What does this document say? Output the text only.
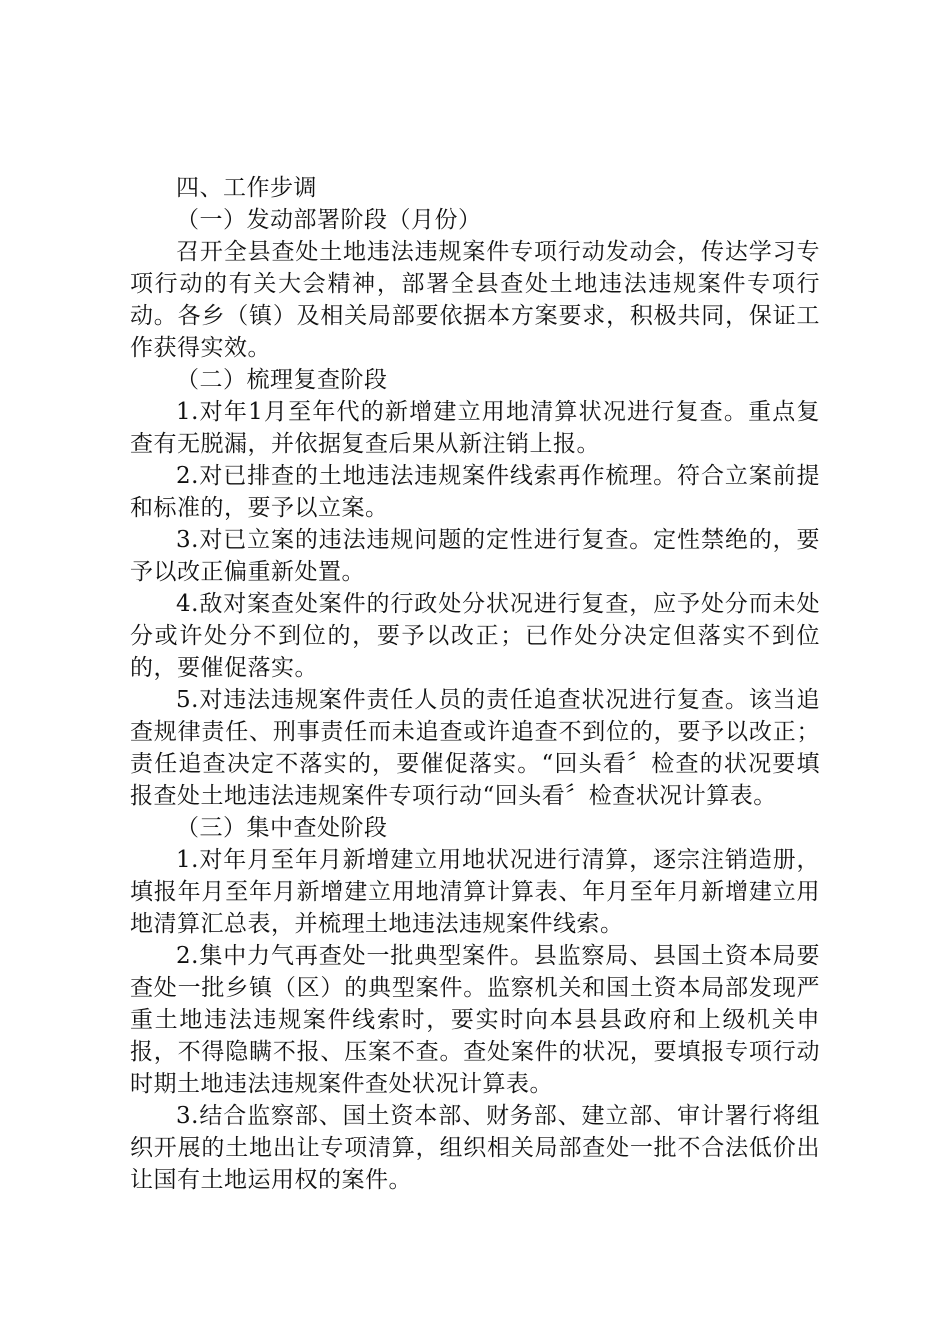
四、工作步调

（一）发动部署阶段（月份）

召开全县查处土地违法违规案件专项行动发动会，传达学习专项行动的有关大会精神，部署全县查处土地违法违规案件专项行动。各乡（镇）及相关局部要依据本方案要求，积极共同，保证工作获得实效。

（二）梳理复查阶段

1.对年1月至年代的新增建立用地清算状况进行复查。重点复查有无脱漏，并依据复查后果从新注销上报。

2.对已排查的土地违法违规案件线索再作梳理。符合立案前提和标准的，要予以立案。

3.对已立案的违法违规问题的定性进行复查。定性禁绝的，要予以改正偏重新处置。

4.敌对案查处案件的行政处分状况进行复查，应予处分而未处分或许处分不到位的，要予以改正；已作处分决定但落实不到位的，要催促落实。

5.对违法违规案件责任人员的责任追查状况进行复查。该当追查规律责任、刑事责任而未追查或许追查不到位的，要予以改正；责任追查决定不落实的，要催促落实。“回头看〞检查的状况要填报查处土地违法违规案件专项行动“回头看〞检查状况计算表。

（三）集中查处阶段

1.对年月至年月新增建立用地状况进行清算，逐宗注销造册，填报年月至年月新增建立用地清算计算表、年月至年月新增建立用地清算汇总表，并梳理土地违法违规案件线索。

2.集中力气再查处一批典型案件。县监察局、县国土资本局要查处一批乡镇（区）的典型案件。监察机关和国土资本局部发现严重土地违法违规案件线索时，要实时向本县县政府和上级机关申报，不得隐瞒不报、压案不查。查处案件的状况，要填报专项行动时期土地违法违规案件查处状况计算表。

3.结合监察部、国土资本部、财务部、建立部、审计署行将组织开展的土地出让专项清算，组织相关局部查处一批不合法低价出让国有土地运用权的案件。
